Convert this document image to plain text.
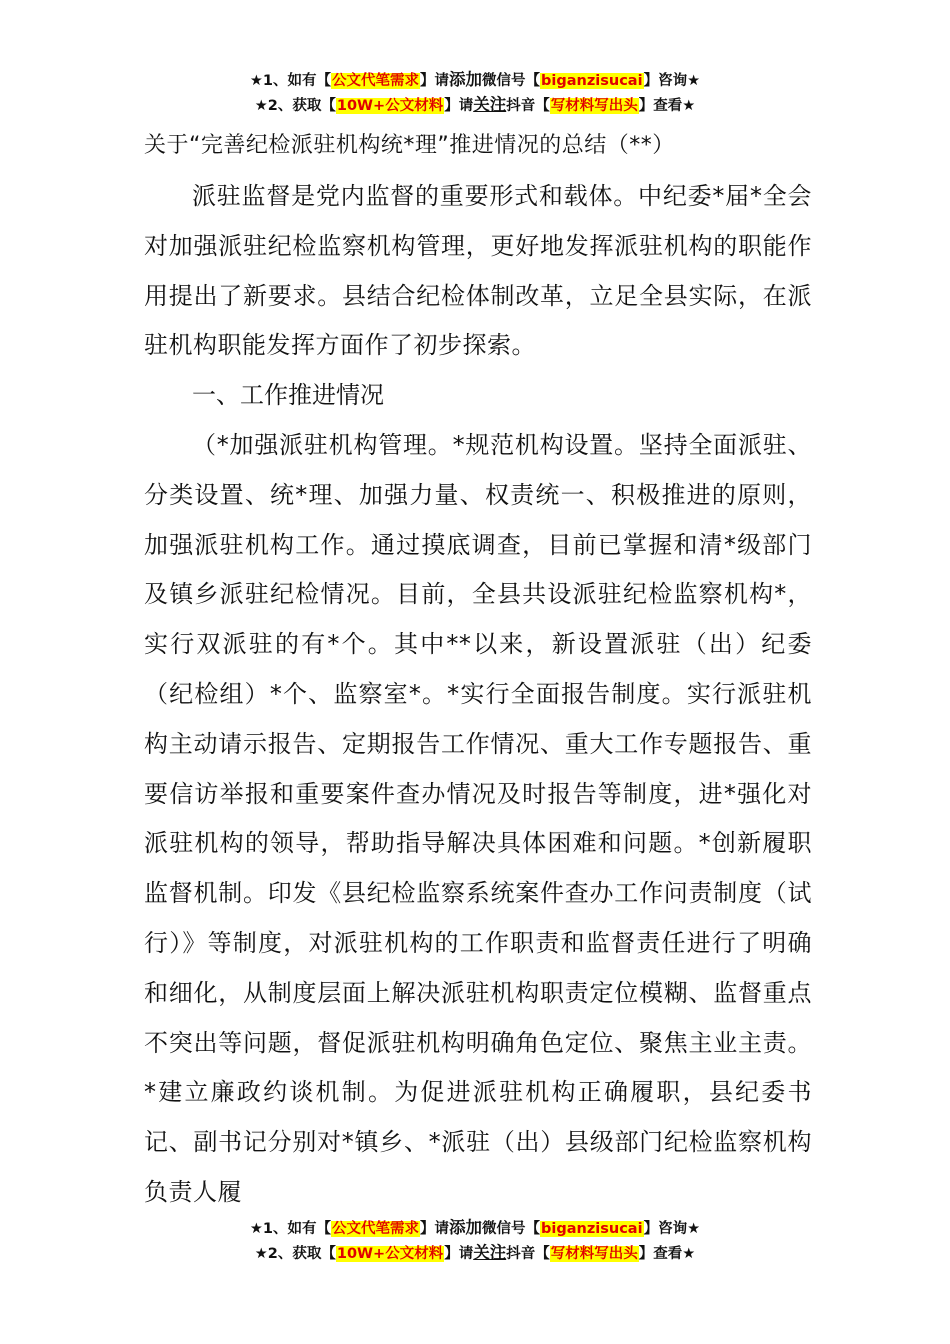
★1、如有【公文代笔需求】请添加微信号【biganzisucai】咨询★
★2、获取【10W+公文材料】请关注抖音【写材料写出头】查看★
关于“完善纪检派驻机构统*理”推进情况的总结（**）

派驻监督是党内监督的重要形式和载体。中纪委*届*全会对加强派驻纪检监察机构管理，更好地发挥派驻机构的职能作用提出了新要求。县结合纪检体制改革，立足全县实际，在派驻机构职能发挥方面作了初步探索。

一、工作推进情况

（*加强派驻机构管理。*规范机构设置。坚持全面派驻、分类设置、统*理、加强力量、权责统一、积极推进的原则，加强派驻机构工作。通过摸底调查，目前已掌握和清*级部门及镇乡派驻纪检情况。目前，全县共设派驻纪检监察机构*，实行双派驻的有*个。其中**以来，新设置派驻（出）纪委（纪检组）*个、监察室*。*实行全面报告制度。实行派驻机构主动请示报告、定期报告工作情况、重大工作专题报告、重要信访举报和重要案件查办情况及时报告等制度，进*强化对派驻机构的领导，帮助指导解决具体困难和问题。*创新履职监督机制。印发《县纪检监察系统案件查办工作问责制度（试行）》等制度，对派驻机构的工作职责和监督责任进行了明确和细化，从制度层面上解决派驻机构职责定位模糊、监督重点不突出等问题，督促派驻机构明确角色定位、聚焦主业主责。*建立廉政约谈机制。为促进派驻机构正确履职，县纪委书记、副书记分别对*镇乡、*派驻（出）县级部门纪检监察机构负责人履

★1、如有【公文代笔需求】请添加微信号【biganzisucai】咨询★
★2、获取【10W+公文材料】请关注抖音【写材料写出头】查看★
